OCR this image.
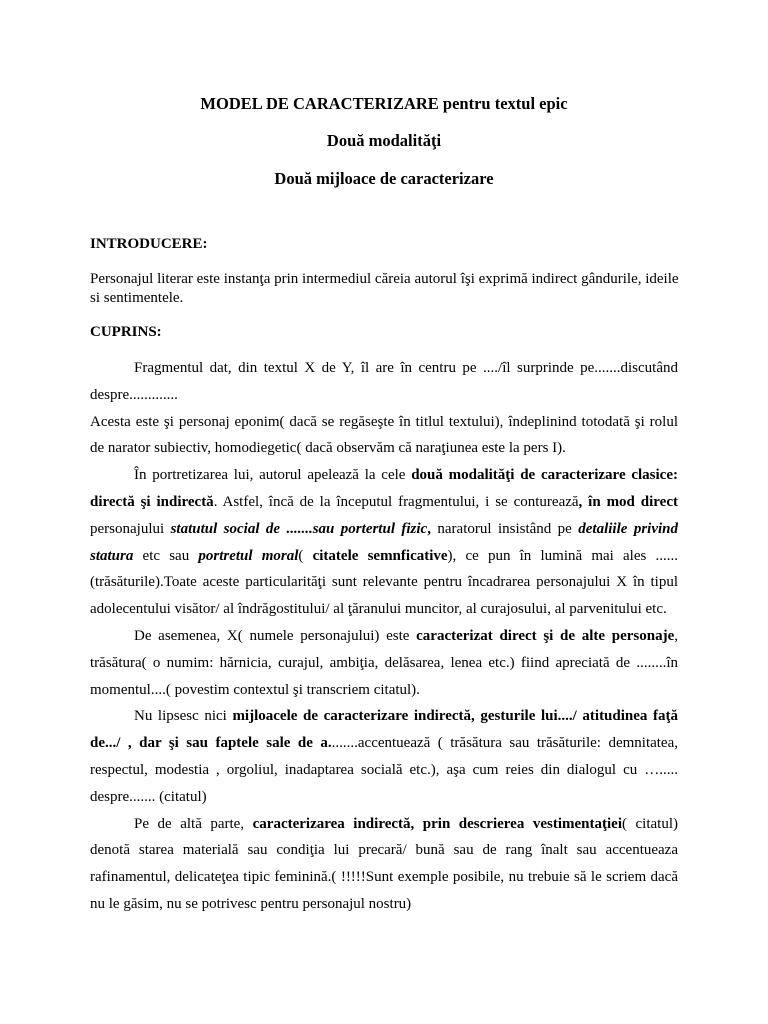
MODEL DE CARACTERIZARE pentru textul epic
Două modalităţi
Două mijloace de caracterizare
INTRODUCERE:
Personajul literar este instanţa prin intermediul căreia autorul îşi exprimă indirect gândurile, ideile si sentimentele.
CUPRINS:

Fragmentul dat, din textul X de Y, îl are în centru pe ..../îl surprinde pe.......discutând despre.............

Acesta este şi personaj eponim( dacă se regăseşte în titlul textului), îndeplinind totodată şi rolul de narator subiectiv, homodiegetic( dacă observăm că naraţiunea este la pers I).

În portretizarea lui, autorul apelează la cele două modalităţi de caracterizare clasice: directă şi indirectă. Astfel, încă de la începutul fragmentului, i se conturează, în mod direct personajului statutul social de .......sau portertul fizic, naratorul insistând pe detaliile privind statura etc sau portretul moral( citatele semnficative), ce pun în lumină mai ales ...... (trăsăturile).Toate aceste particularităţi sunt relevante pentru încadrarea personajului X în tipul adolecentului visător/ al îndrăgostitului/ al ţăranului muncitor, al curajosului, al parvenitului etc.

De asemenea, X( numele personajului) este caracterizat direct şi de alte personaje, trăsătura( o numim: hărnicia, curajul, ambiţia, delăsarea, lenea etc.) fiind apreciată de ........în momentul....( povestim contextul şi transcriem citatul).

Nu lipsesc nici mijloacele de caracterizare indirectă, gesturile lui..../ atitudinea faţă de.../ , dar şi sau faptele sale de a........accentuează ( trăsătura sau trăsăturile: demnitatea, respectul, modestia , orgoliul, inadaptarea socială etc.), aşa cum reies din dialogul cu …..... despre....... (citatul)

Pe de altă parte, caracterizarea indirectă, prin descrierea vestimentaţiei( citatul) denotă starea materială sau condiţia lui precară/ bună sau de rang înalt sau accentueaza rafinamentul, delicateţea tipic feminină.( !!!!!Sunt exemple posibile, nu trebuie să le scriem dacă nu le găsim, nu se potrivesc pentru personajul nostru)
